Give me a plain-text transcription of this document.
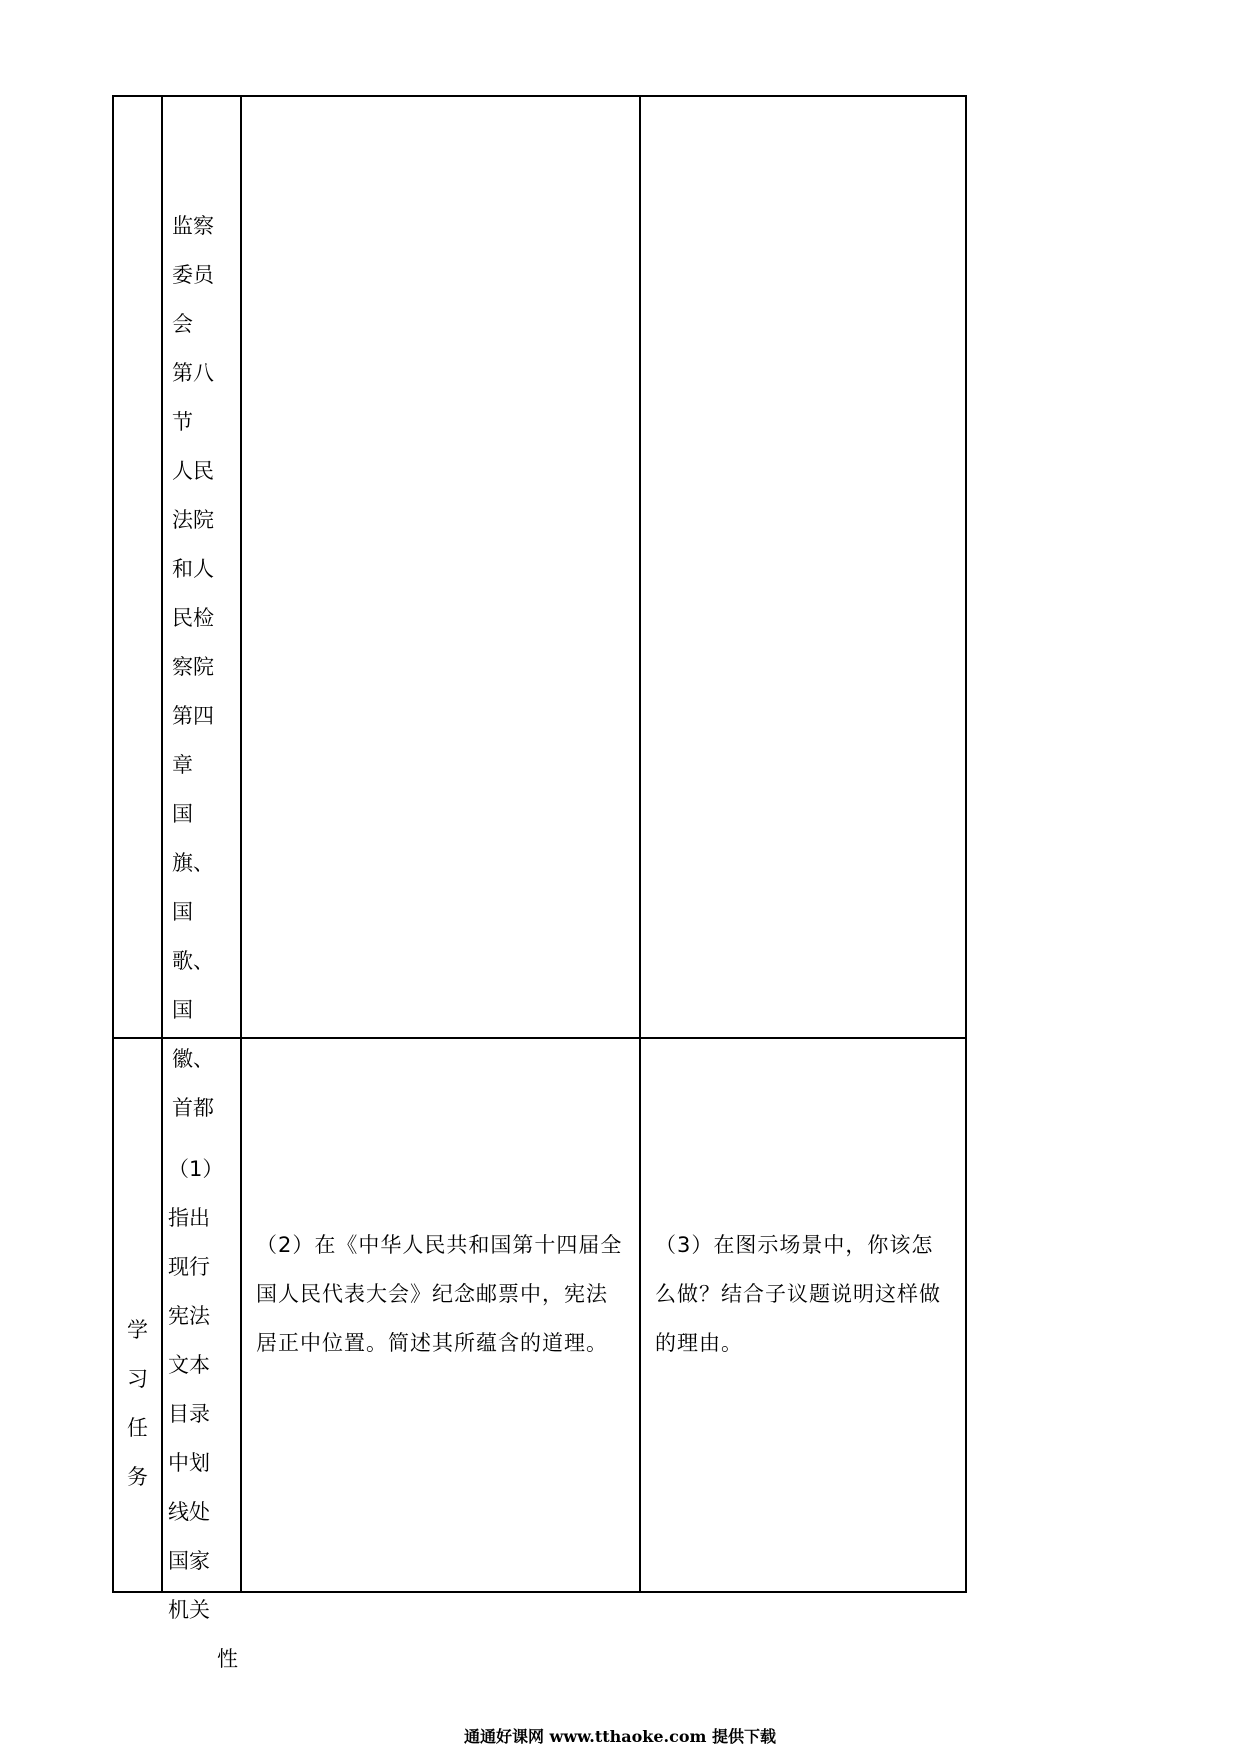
监察
委员
会
第八
节
人民
法院
和人
民检
察院
第四
章
国
旗、
国
歌、
国
徽、
首都

学
习
任
务

（1）
指出
现行
宪法
文本
目录
中划
线处
国家
机关
性

（2）在《中华人民共和国第十四届全国人民代表大会》纪念邮票中，宪法居正中位置。简述其所蕴含的道理。
（3）在图示场景中，你该怎么做？结合子议题说明这样做的理由。
通通好课网 www.tthaoke.com 提供下载
